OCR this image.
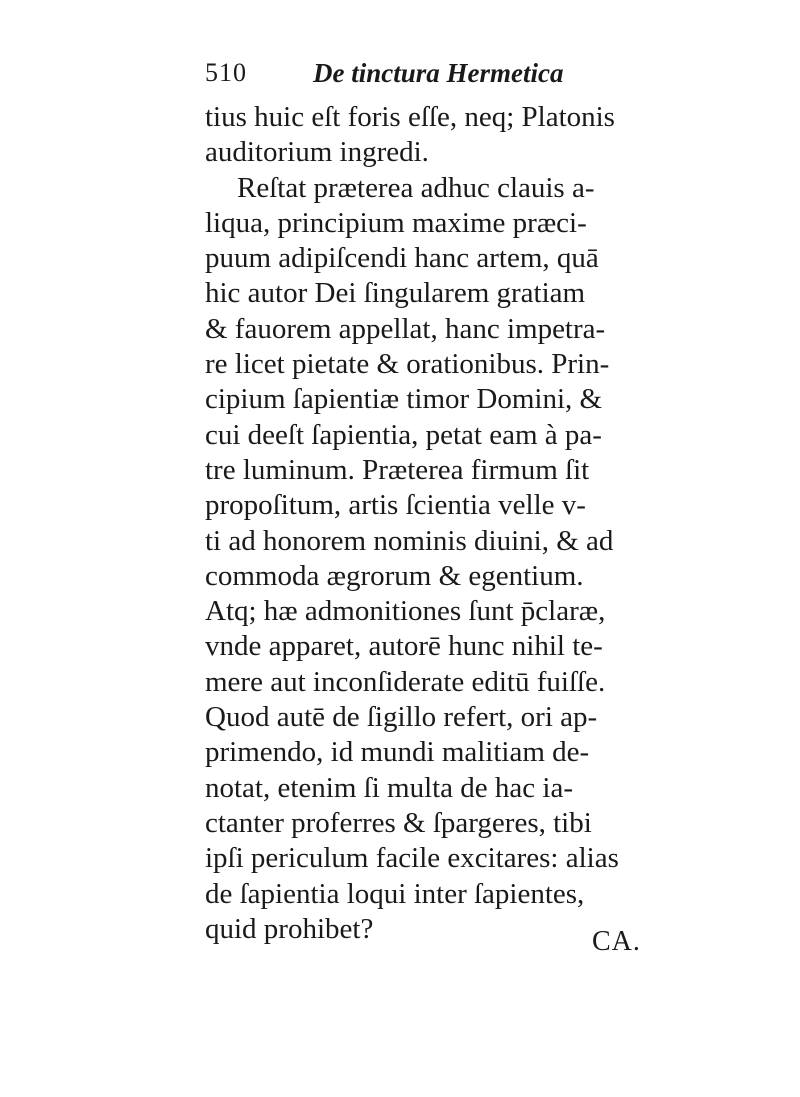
510 De tinctura Hermetica
tius huic eſt foris eſſe, neq; Platonis
auditorium ingredi.
Reſtat præterea adhuc clauis a-
liqua, principium maxime præci-
puum adipiſcendi hanc artem, quā
hic autor Dei ſingularem gratiam
& fauorem appellat, hanc impetra-
re licet pietate & orationibus. Prin-
cipium ſapientiæ timor Domini, &
cui deeſt ſapientia, petat eam à pa-
tre luminum. Præterea firmum ſit
propoſitum, artis ſcientia velle v-
ti ad honorem nominis diuini, & ad
commoda ægrorum & egentium.
Atq; hæ admonitiones ſunt p̄claræ,
vnde apparet, autorē hunc nihil te-
mere aut inconſiderate editū fuiſſe.
Quod autē de ſigillo refert, ori ap-
primendo, id mundi malitiam de-
notat, etenim ſi multa de hac ia-
ctanter proferres & ſpargeres, tibi
ipſi periculum facile excitares: alias
de ſapientia loqui inter ſapientes,
quid prohibet?	CA.
